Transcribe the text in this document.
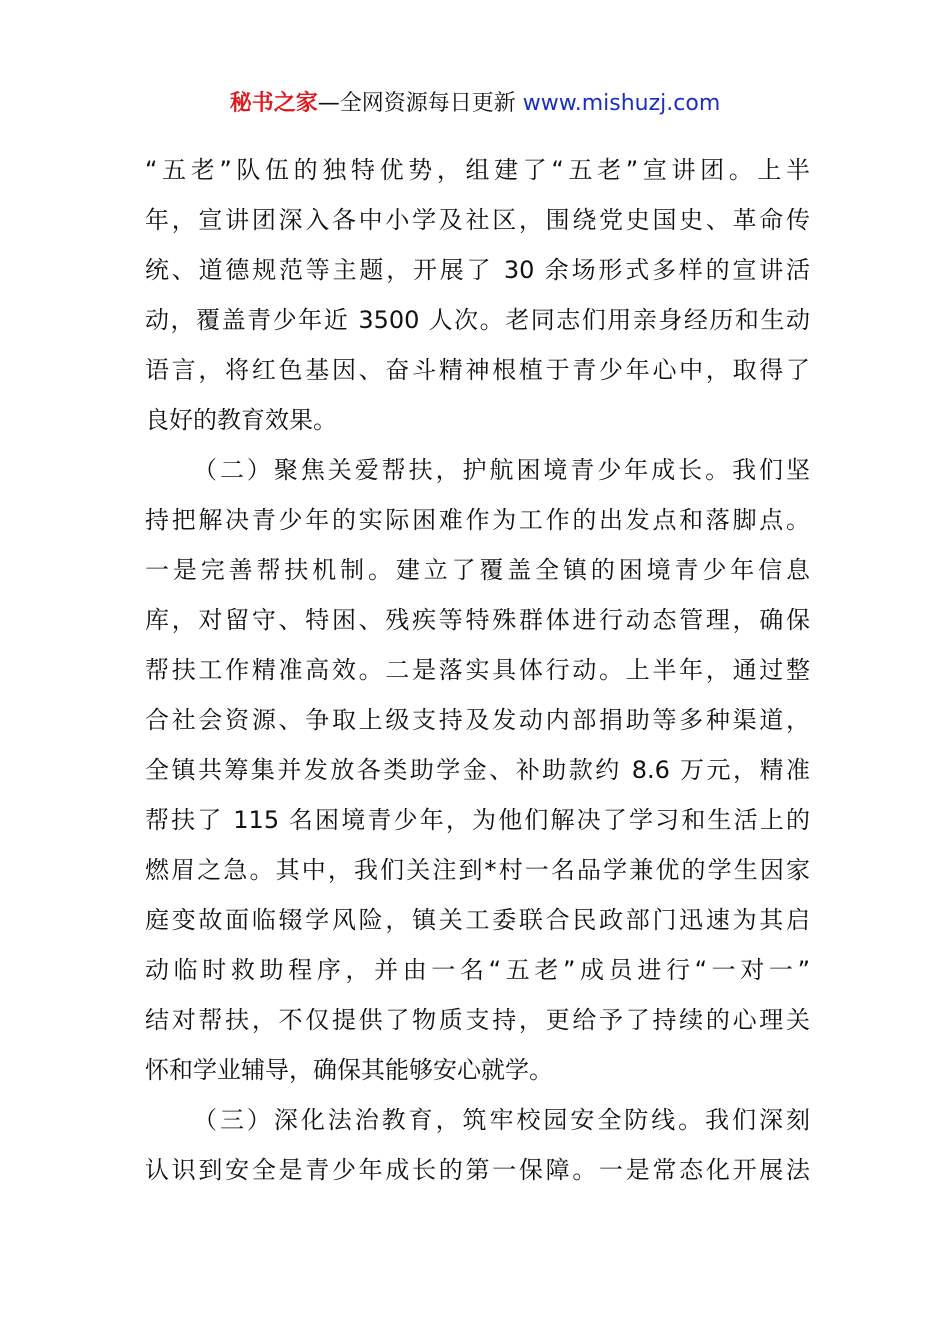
秘书之家—全网资源每日更新 www.mishuzj.com
“五老”队伍的独特优势，组建了“五老”宣讲团。上半
年，宣讲团深入各中小学及社区，围绕党史国史、革命传
统、道德规范等主题，开展了 30 余场形式多样的宣讲活
动，覆盖青少年近 3500 人次。老同志们用亲身经历和生动
语言，将红色基因、奋斗精神根植于青少年心中，取得了
良好的教育效果。
（二）聚焦关爱帮扶，护航困境青少年成长。我们坚
持把解决青少年的实际困难作为工作的出发点和落脚点。
一是完善帮扶机制。建立了覆盖全镇的困境青少年信息
库，对留守、特困、残疾等特殊群体进行动态管理，确保
帮扶工作精准高效。二是落实具体行动。上半年，通过整
合社会资源、争取上级支持及发动内部捐助等多种渠道，
全镇共筹集并发放各类助学金、补助款约 8.6 万元，精准
帮扶了 115 名困境青少年，为他们解决了学习和生活上的
燃眉之急。其中，我们关注到*村一名品学兼优的学生因家
庭变故面临辍学风险，镇关工委联合民政部门迅速为其启
动临时救助程序，并由一名“五老”成员进行“一对一”
结对帮扶，不仅提供了物质支持，更给予了持续的心理关
怀和学业辅导，确保其能够安心就学。
（三）深化法治教育，筑牢校园安全防线。我们深刻
认识到安全是青少年成长的第一保障。一是常态化开展法
